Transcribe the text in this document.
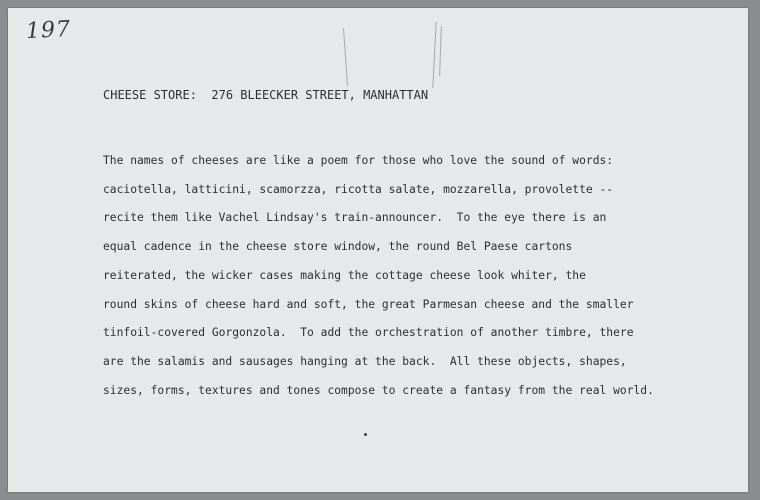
197
CHEESE STORE:  276 BLEECKER STREET, MANHATTAN
The names of cheeses are like a poem for those who love the sound of words:
caciotella, latticini, scamorzza, ricotta salate, mozzarella, provolette --
recite them like Vachel Lindsay's train-announcer.  To the eye there is an
equal cadence in the cheese store window, the round Bel Paese cartons
reiterated, the wicker cases making the cottage cheese look whiter, the
round skins of cheese hard and soft, the great Parmesan cheese and the smaller
tinfoil-covered Gorgonzola.  To add the orchestration of another timbre, there
are the salamis and sausages hanging at the back.  All these objects, shapes,
sizes, forms, textures and tones compose to create a fantasy from the real world.
